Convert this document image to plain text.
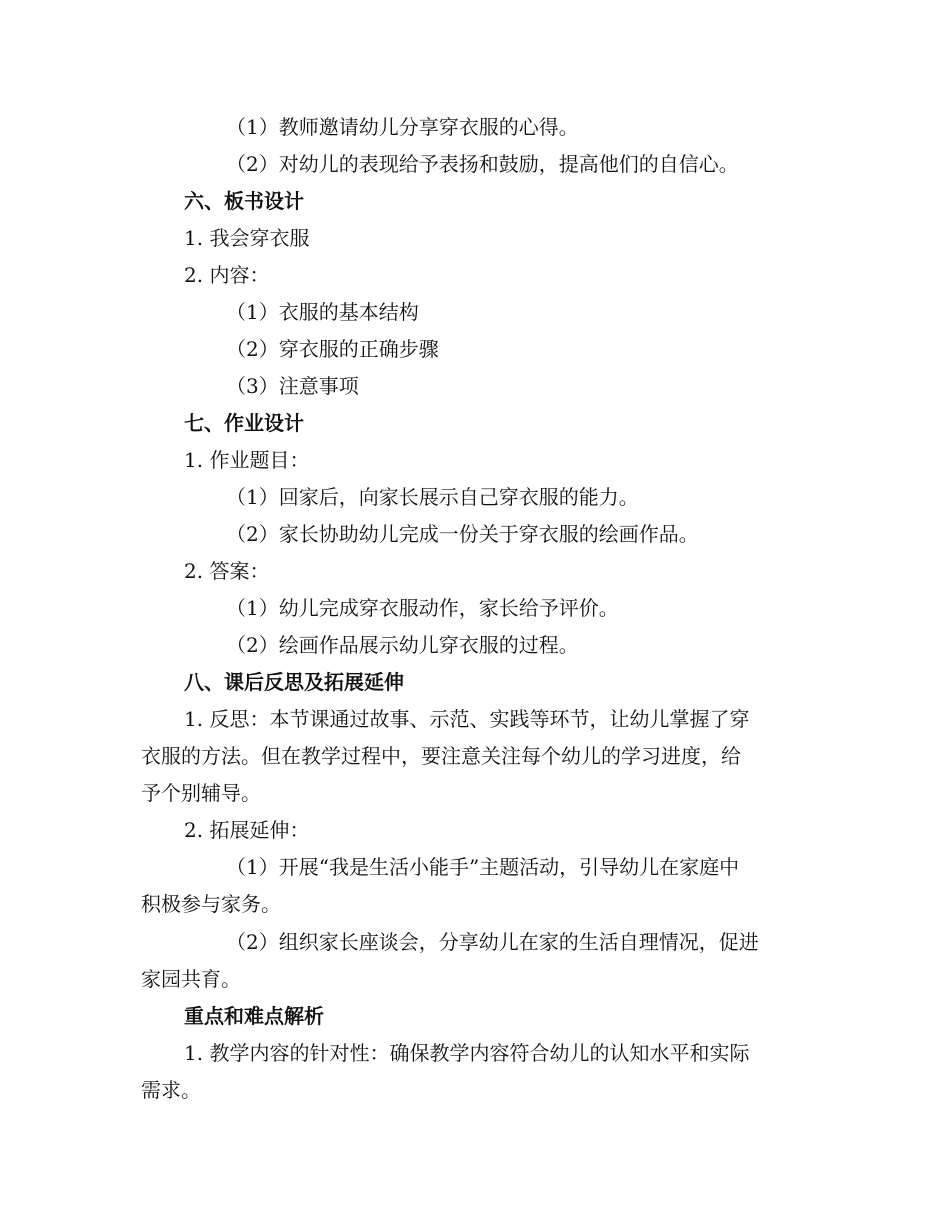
（1）教师邀请幼儿分享穿衣服的心得。
（2）对幼儿的表现给予表扬和鼓励，提高他们的自信心。
六、板书设计
1. 我会穿衣服
2. 内容：
（1）衣服的基本结构
（2）穿衣服的正确步骤
（3）注意事项
七、作业设计
1. 作业题目：
（1）回家后，向家长展示自己穿衣服的能力。
（2）家长协助幼儿完成一份关于穿衣服的绘画作品。
2. 答案：
（1）幼儿完成穿衣服动作，家长给予评价。
（2）绘画作品展示幼儿穿衣服的过程。
八、课后反思及拓展延伸
1. 反思：本节课通过故事、示范、实践等环节，让幼儿掌握了穿
衣服的方法。但在教学过程中，要注意关注每个幼儿的学习进度，给
予个别辅导。
2. 拓展延伸：
（1）开展“我是生活小能手”主题活动，引导幼儿在家庭中
积极参与家务。
（2）组织家长座谈会，分享幼儿在家的生活自理情况，促进
家园共育。
重点和难点解析
1. 教学内容的针对性：确保教学内容符合幼儿的认知水平和实际
需求。
